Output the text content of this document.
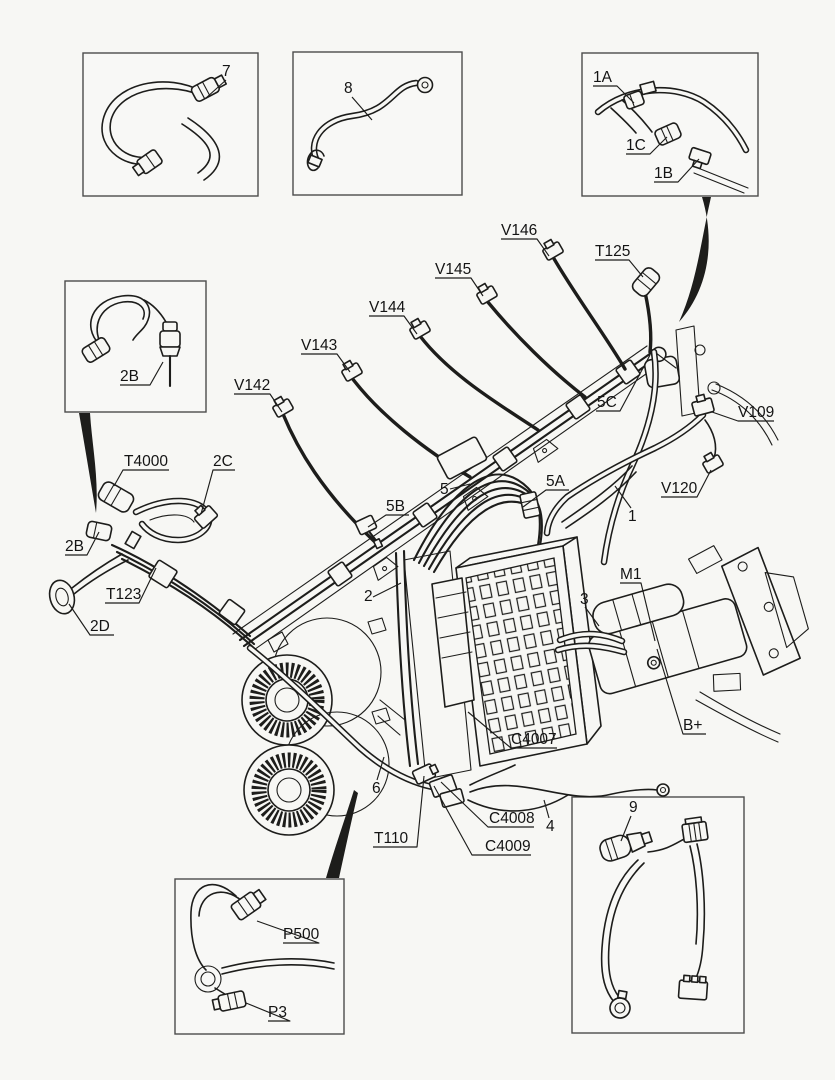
7
8
1A
1C
1B
2B
V146
T125
V145
V144
V143
V142
5C
V109
V120
1
T4000	2C
2B
T123
2D
5B
5	5A
M1
3
B+
2
C4007
6
T110
C4008 4
C4009
9
P500
P3
